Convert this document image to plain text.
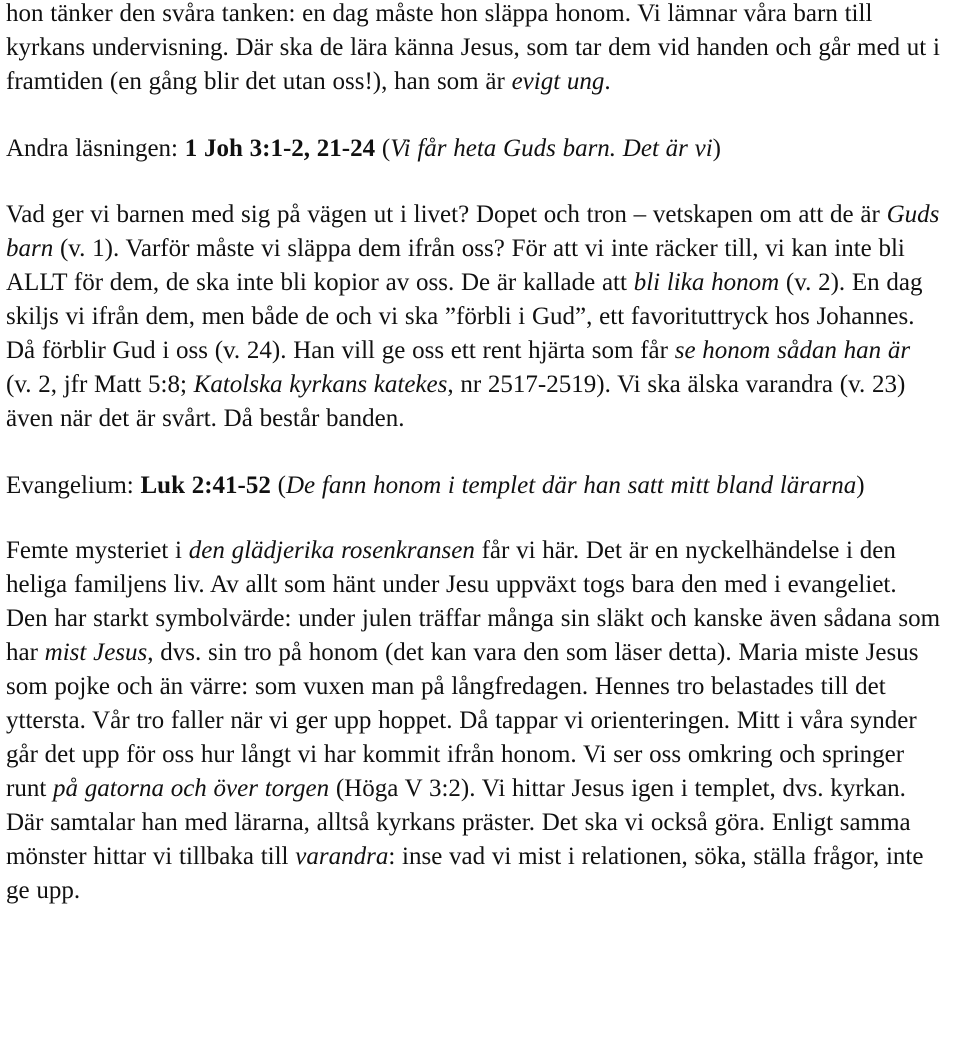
hon tänker den svåra tanken: en dag måste hon släppa honom. Vi lämnar våra barn till kyrkans undervisning. Där ska de lära känna Jesus, som tar dem vid handen och går med ut i framtiden (en gång blir det utan oss!), han som är evigt ung.

Andra läsningen: 1 Joh 3:1-2, 21-24 (Vi får heta Guds barn. Det är vi)

Vad ger vi barnen med sig på vägen ut i livet? Dopet och tron – vetskapen om att de är Guds barn (v. 1). Varför måste vi släppa dem ifrån oss? För att vi inte räcker till, vi kan inte bli ALLT för dem, de ska inte bli kopior av oss. De är kallade att bli lika honom (v. 2). En dag skiljs vi ifrån dem, men både de och vi ska ”förbli i Gud”, ett favorituttryck hos Johannes. Då förblir Gud i oss (v. 24). Han vill ge oss ett rent hjärta som får se honom sådan han är (v. 2, jfr Matt 5:8; Katolska kyrkans katekes, nr 2517-2519). Vi ska älska varandra (v. 23) även när det är svårt. Då består banden.

Evangelium: Luk 2:41-52 (De fann honom i templet där han satt mitt bland lärarna)

Femte mysteriet i den glädjerika rosenkransen får vi här. Det är en nyckelhändelse i den heliga familjens liv. Av allt som hänt under Jesu uppväxt togs bara den med i evangeliet. Den har starkt symbolvärde: under julen träffar många sin släkt och kanske även sådana som har mist Jesus, dvs. sin tro på honom (det kan vara den som läser detta). Maria miste Jesus som pojke och än värre: som vuxen man på långfredagen. Hennes tro belastades till det yttersta. Vår tro faller när vi ger upp hoppet. Då tappar vi orienteringen. Mitt i våra synder går det upp för oss hur långt vi har kommit ifrån honom. Vi ser oss omkring och springer runt på gatorna och över torgen (Höga V 3:2). Vi hittar Jesus igen i templet, dvs. kyrkan. Där samtalar han med lärarna, alltså kyrkans präster. Det ska vi också göra. Enligt samma mönster hittar vi tillbaka till varandra: inse vad vi mist i relationen, söka, ställa frågor, inte ge upp.
